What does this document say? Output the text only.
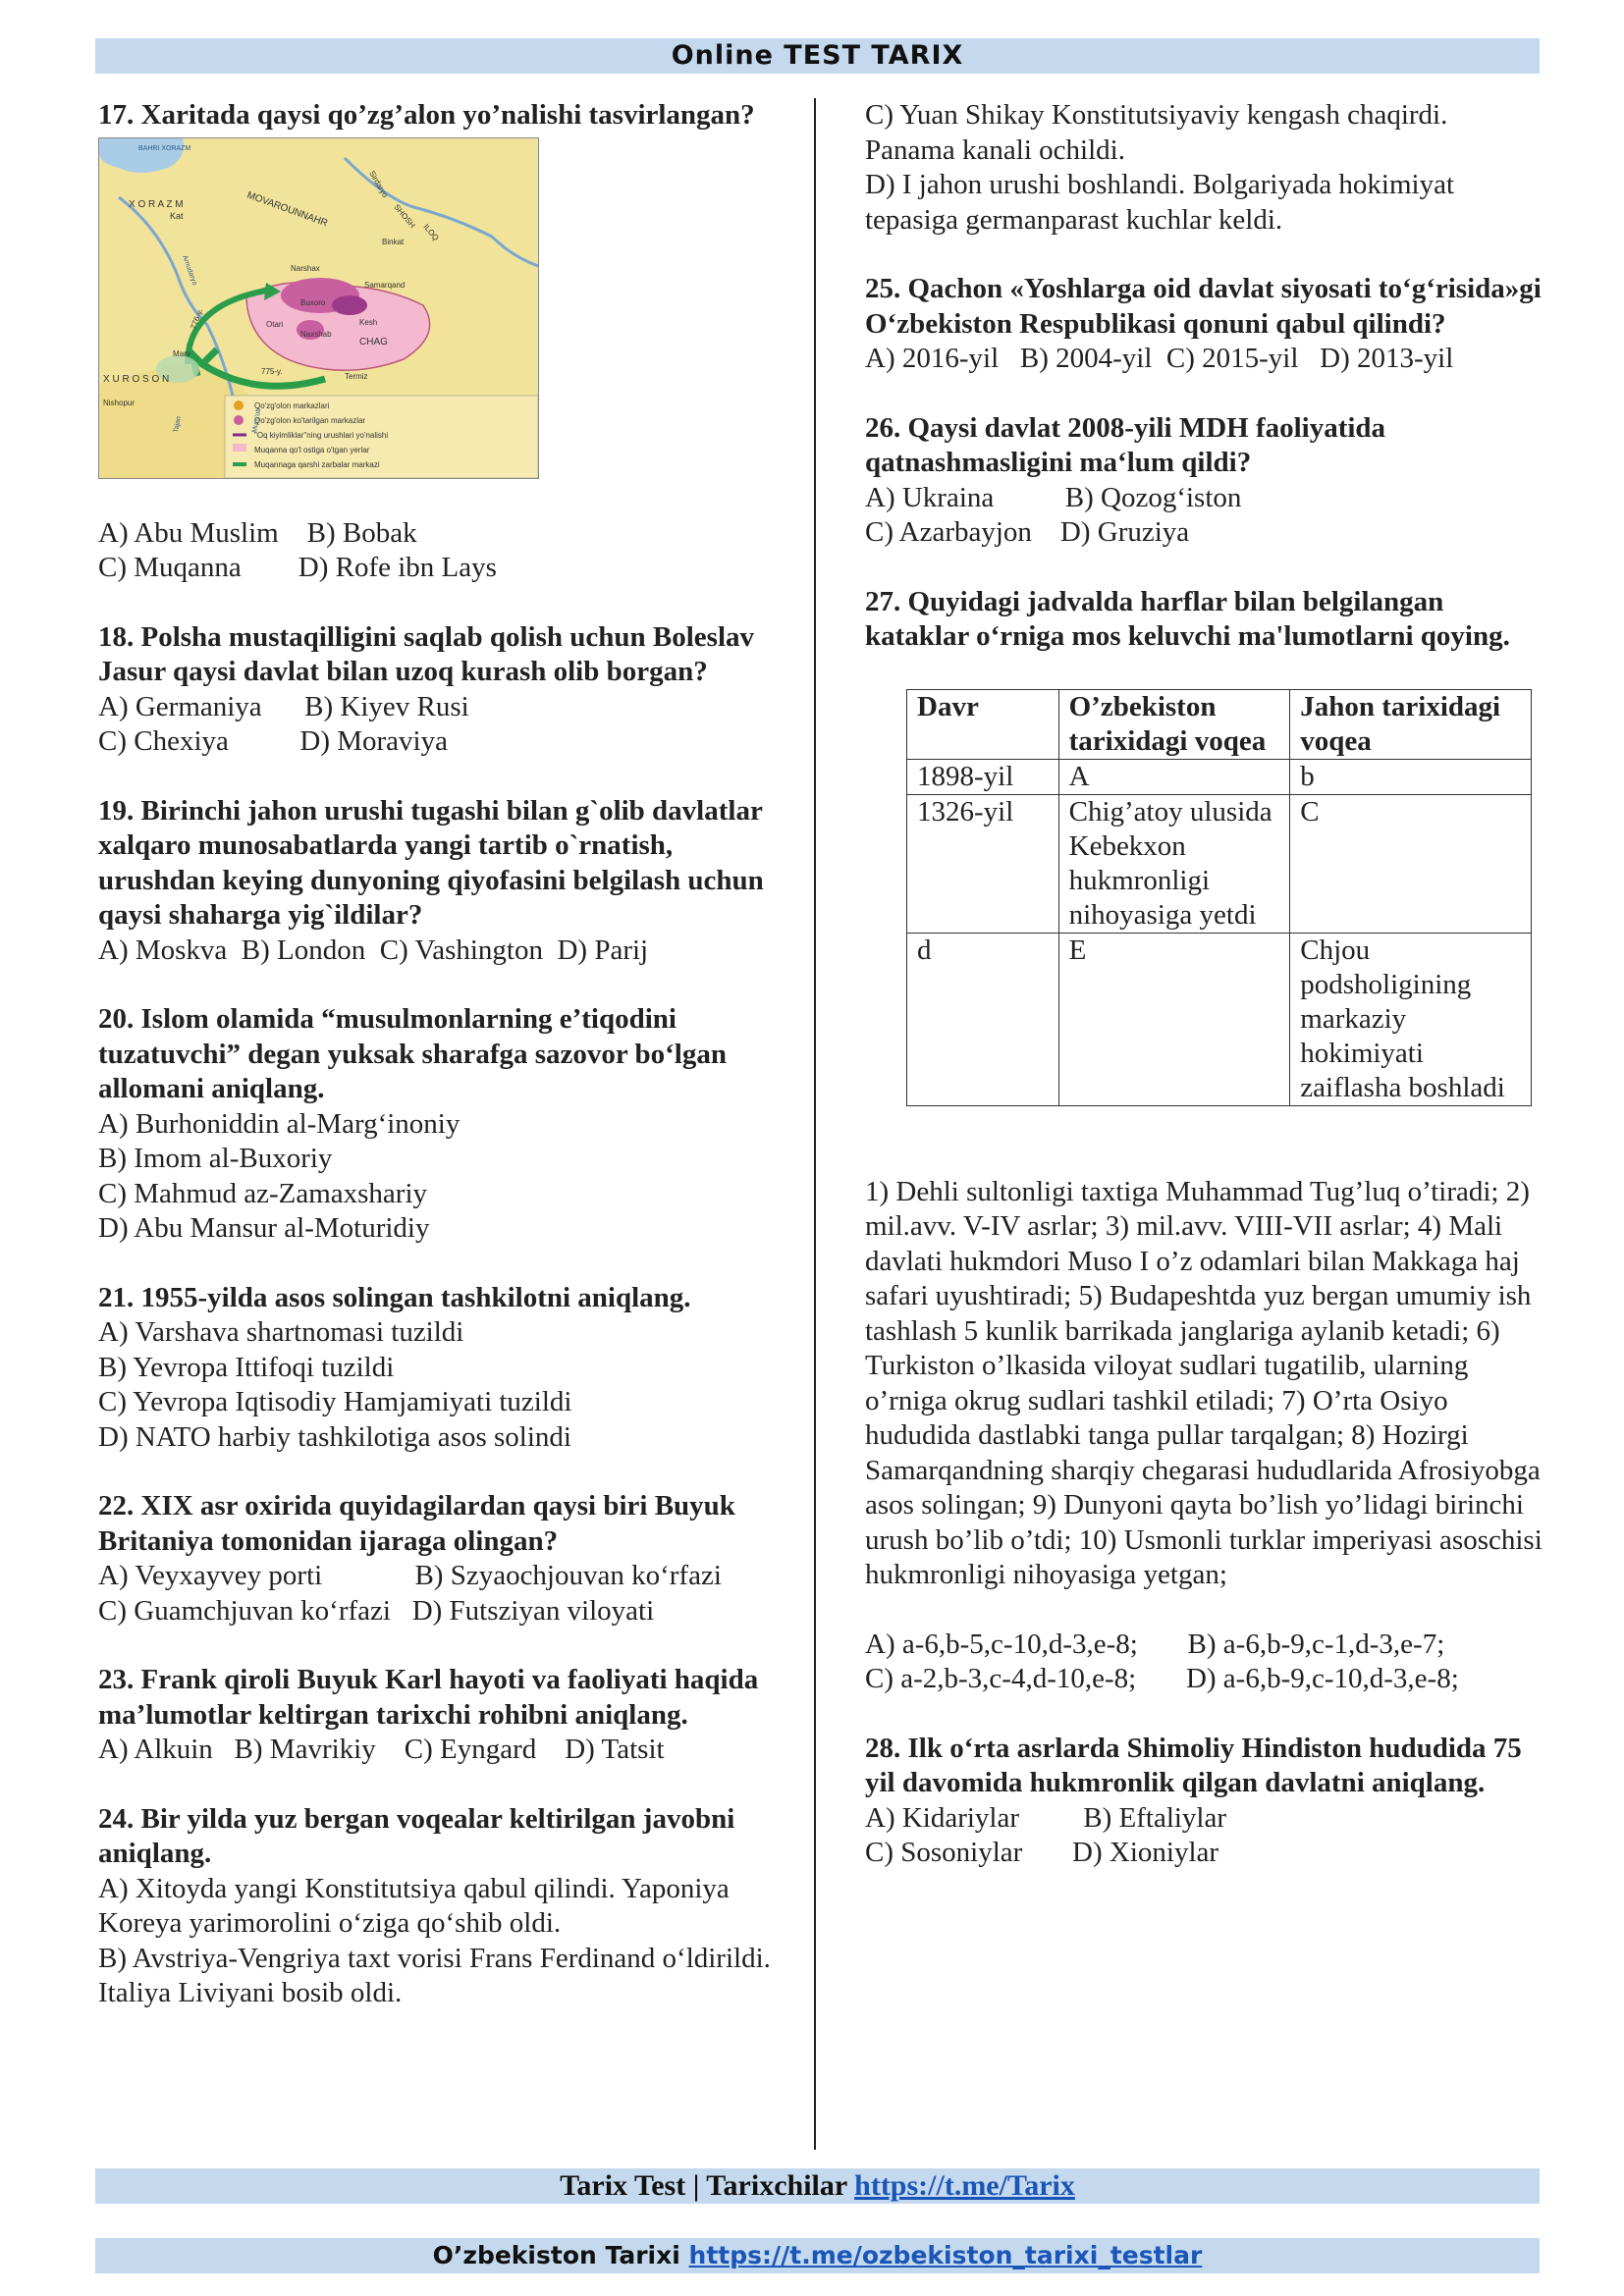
Online TEST TARIX
17. Xaritada qaysi qo’zg’alon yo’nalishi tasvirlangan?
Qo'zg'olon markazlari
Qo'zg'olon ko'tarilgan markazlar
"Oq kiyimliklar"ning urushlari yo'nalishi
Muqanna qo'l ostiga o'tgan yerlar
Muqannaga qarshi zarbalar markazi
BAHRI XORAZM
X O R A Z M
Kat	MOVAROUNNAHR
Sirdaryo
SHOSH
ILOQ
Binkat
Narshax
Samarqand
Buxoro
Otari
Naxshab
Kesh
CHAG
Marv
X U R O S O N
Nishopur
Termiz
776-y.
775-y.
Amudaryo
Tajan	Murg'ob
A) Abu Muslim    B) Bobak
C) Muqanna        D) Rofe ibn Lays
18. Polsha mustaqilligini saqlab qolish uchun Boleslav Jasur qaysi davlat bilan uzoq kurash olib borgan?
A) Germaniya      B) Kiyev Rusi
C) Chexiya          D) Moraviya
19. Birinchi jahon urushi tugashi bilan g`olib davlatlar xalqaro munosabatlarda yangi tartib o`rnatish, urushdan keying dunyoning qiyofasini belgilash uchun qaysi shaharga yig`ildilar?
A) Moskva  B) London  C) Vashington  D) Parij
20. Islom olamida “musulmonlarning e’tiqodini tuzatuvchi” degan yuksak sharafga sazovor bo‘lgan allomani aniqlang.
A) Burhoniddin al-Marg‘inoniy
B) Imom al-Buxoriy
C) Mahmud az-Zamaxshariy
D) Abu Mansur al-Moturidiy
21. 1955-yilda asos solingan tashkilotni aniqlang.
A) Varshava shartnomasi tuzildi
B) Yevropa Ittifoqi tuzildi
C) Yevropa Iqtisodiy Hamjamiyati tuzildi
D) NATO harbiy tashkilotiga asos solindi
22. XIX asr oxirida quyidagilardan qaysi biri Buyuk Britaniya tomonidan ijaraga olingan?
A) Veyxayvey porti             B) Szyaochjouvan ko‘rfazi
C) Guamchjuvan ko‘rfazi   D) Futsziyan viloyati
23. Frank qiroli Buyuk Karl hayoti va faoliyati haqida ma’lumotlar keltirgan tarixchi rohibni aniqlang.
A) Alkuin   B) Mavrikiy    C) Eyngard    D) Tatsit
24. Bir yilda yuz bergan voqealar keltirilgan javobni aniqlang.
A) Xitoyda yangi Konstitutsiya qabul qilindi. Yaponiya Koreya yarimorolini o‘ziga qo‘shib oldi.
B) Avstriya-Vengriya taxt vorisi Frans Ferdinand o‘ldirildi. Italiya Liviyani bosib oldi.
C) Yuan Shikay Konstitutsiyaviy kengash chaqirdi. Panama kanali ochildi.
D) I jahon urushi boshlandi. Bolgariyada hokimiyat tepasiga germanparast kuchlar keldi.
25. Qachon «Yoshlarga oid davlat siyosati to‘g‘risida»gi O‘zbekiston Respublikasi qonuni qabul qilindi?
A) 2016-yil   B) 2004-yil  C) 2015-yil   D) 2013-yil
26. Qaysi davlat 2008-yili MDH faoliyatida qatnashmasligini ma‘lum qildi?
A) Ukraina          B) Qozog‘iston
C) Azarbayjon    D) Gruziya
27. Quyidagi jadvalda harflar bilan belgilangan kataklar o‘rniga mos keluvchi ma'lumotlarni qoying.
Davr	O’zbekiston tarixidagi voqea	Jahon tarixidagi voqea
1898-yil	A	b
1326-yil	Chig’atoy ulusida Kebekxon hukmronligi nihoyasiga yetdi	C
d	E	Chjou podsholigining markaziy hokimiyati zaiflasha boshladi
1) Dehli sultonligi taxtiga Muhammad Tug’luq o’tiradi; 2) mil.avv. V-IV asrlar; 3) mil.avv. VIII-VII asrlar; 4) Mali davlati hukmdori Muso I o’z odamlari bilan Makkaga haj safari uyushtiradi; 5) Budapeshtda yuz bergan umumiy ish tashlash 5 kunlik barrikada janglariga aylanib ketadi; 6) Turkiston o’lkasida viloyat sudlari tugatilib, ularning o’rniga okrug sudlari tashkil etiladi; 7) O’rta Osiyo hududida dastlabki tanga pullar tarqalgan; 8) Hozirgi Samarqandning sharqiy chegarasi hududlarida Afrosiyobga asos solingan; 9) Dunyoni qayta bo’lish yo’lidagi birinchi urush bo’lib o’tdi; 10) Usmonli turklar imperiyasi asoschisi hukmronligi nihoyasiga yetgan;
A) a-6,b-5,c-10,d-3,e-8;       B) a-6,b-9,c-1,d-3,e-7;
C) a-2,b-3,c-4,d-10,e-8;       D) a-6,b-9,c-10,d-3,e-8;
28. Ilk o‘rta asrlarda Shimoliy Hindiston hududida 75 yil davomida hukmronlik qilgan davlatni aniqlang.
A) Kidariylar         B) Eftaliylar
C) Sosoniylar       D) Xioniylar
Tarix Test | Tarixchilar https://t.me/Tarix
O’zbekiston Tarixi https://t.me/ozbekiston_tarixi_testlar
